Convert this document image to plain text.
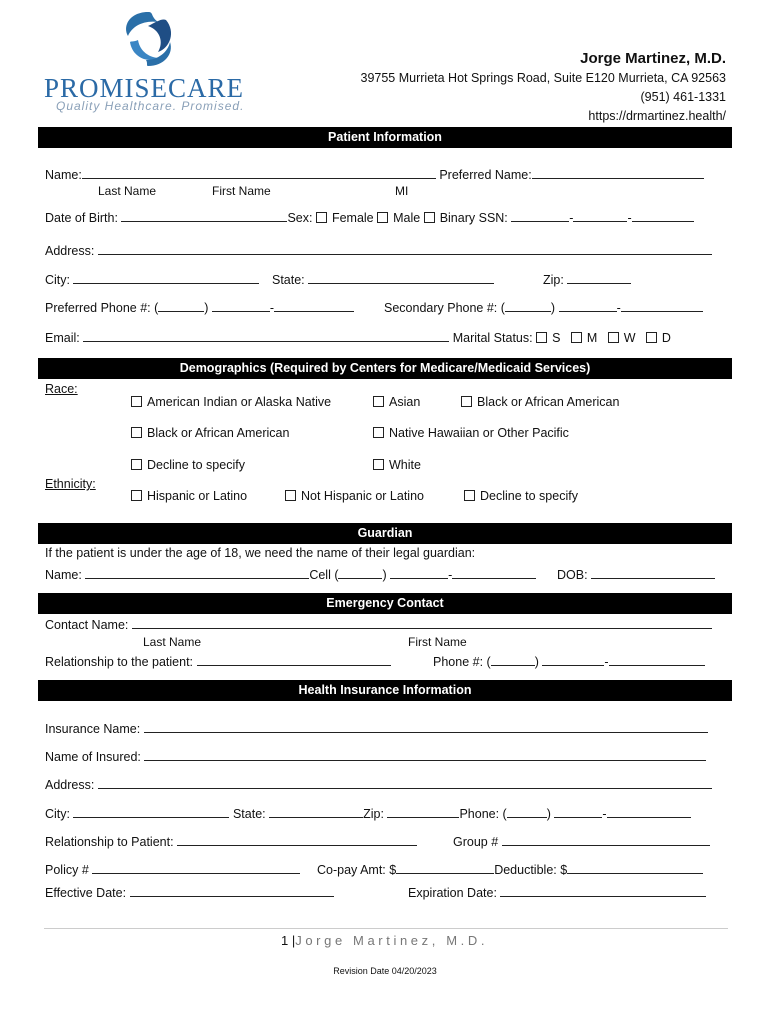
PROMISECARE
Quality Healthcare. Promised.
Jorge Martinez, M.D.
39755 Murrieta Hot Springs Road, Suite E120 Murrieta, CA 92563
(951) 461-1331
https://drmartinez.health/
Patient Information
Name:	Preferred Name:
Last Name	First Name	MI
Date of Birth:	Sex: Female Male Binary SSN:	-	-
Address:
City:	State:	Zip:
Preferred Phone #: (	)	-	Secondary Phone #: (	)	-
Email:	Marital Status: S M W D
Demographics (Required by Centers for Medicare/Medicaid Services)
Race:
American Indian or Alaska Native	Asian	Black or African American
Black or African American	Native Hawaiian or Other Pacific
Decline to specify	White
Ethnicity:
Hispanic or Latino	Not Hispanic or Latino	Decline to specify
Guardian
If the patient is under the age of 18, we need the name of their legal guardian:
Name:	Cell (	)	-	DOB:
Emergency Contact
Contact Name:
Last Name	First Name
Relationship to the patient:	Phone #: (	)	-
Health Insurance Information
Insurance Name:
Name of Insured:
Address:
City:	State:	Zip:	Phone: (	)	-
Relationship to Patient:	Group #
Policy #	Co-pay Amt: $	Deductible: $
Effective Date:	Expiration Date:
1 |J o r g e   M a r t i n e z ,   M . D .
Revision Date 04/20/2023
